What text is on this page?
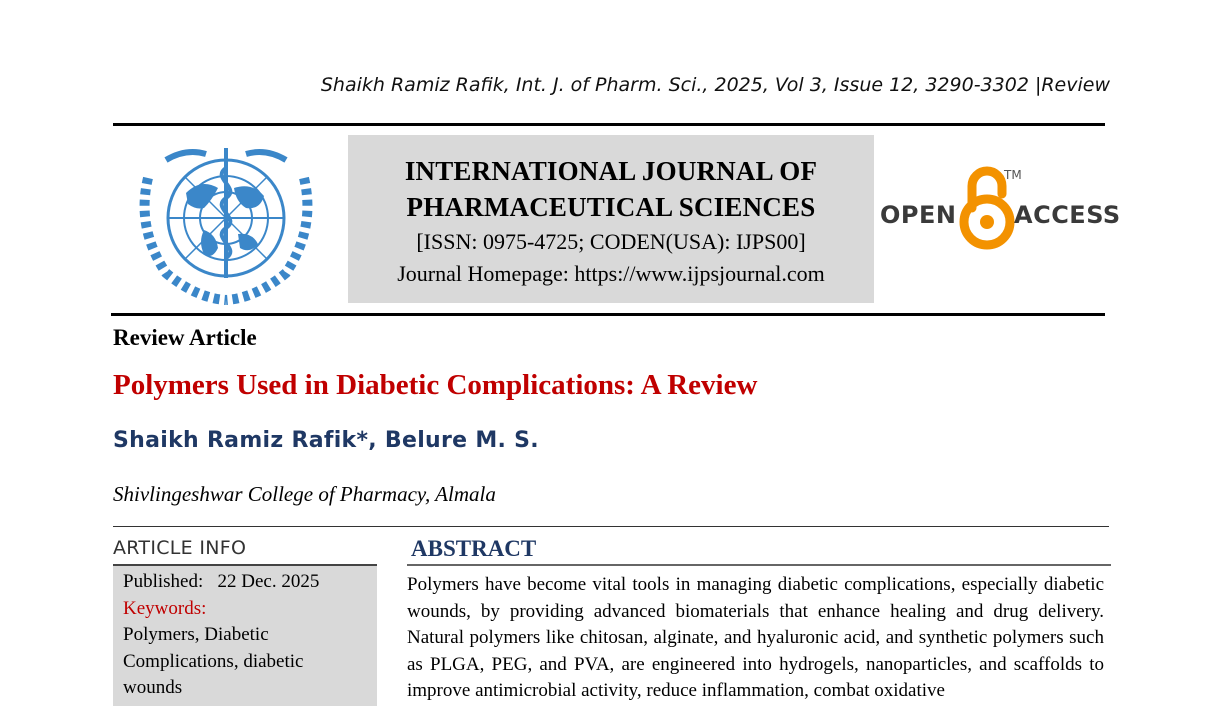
Shaikh Ramiz Rafik, Int. J. of Pharm. Sci., 2025, Vol 3, Issue 12, 3290-3302 |Review
INTERNATIONAL JOURNAL OF
PHARMACEUTICAL SCIENCES
[ISSN: 0975-4725; CODEN(USA): IJPS00]
Journal Homepage: https://www.ijpsjournal.com
OPEN
TM
ACCESS
Review Article
Polymers Used in Diabetic Complications: A Review
Shaikh Ramiz Rafik*, Belure M. S.
Shivlingeshwar College of Pharmacy, Almala
ARTICLE INFO
Published: 22 Dec. 2025
Keywords:
Polymers, Diabetic
Complications, diabetic
wounds
ABSTRACT
Polymers have become vital tools in managing diabetic complications, especially diabetic wounds, by providing advanced biomaterials that enhance healing and drug delivery. Natural polymers like chitosan, alginate, and hyaluronic acid, and synthetic polymers such as PLGA, PEG, and PVA, are engineered into hydrogels, nanoparticles, and scaffolds to improve antimicrobial activity, reduce inflammation, combat oxidative
